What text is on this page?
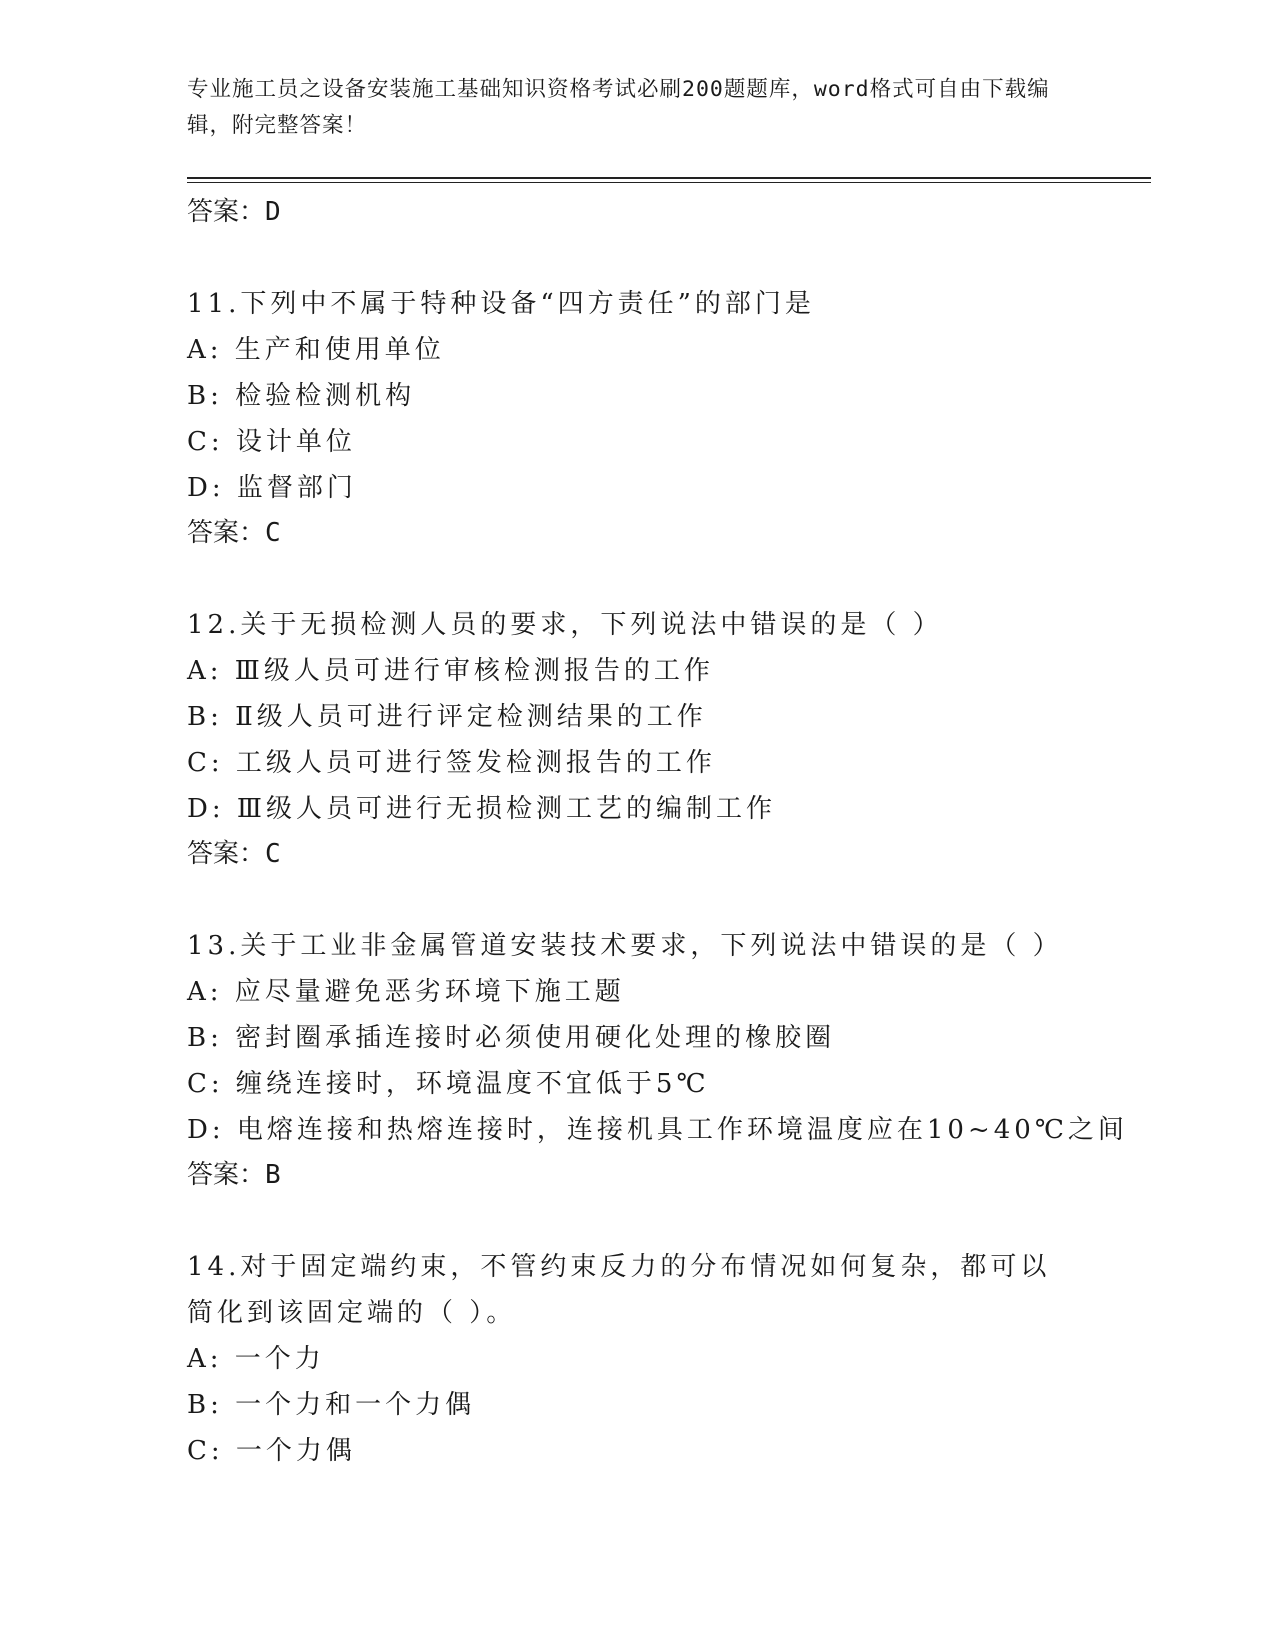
专业施工员之设备安装施工基础知识资格考试必刷200题题库，word格式可自由下载编辑，附完整答案！
答案：D
11.下列中不属于特种设备“四方责任”的部门是
A: 生产和使用单位
B: 检验检测机构
C: 设计单位
D: 监督部门
答案：C
12.关于无损检测人员的要求，下列说法中错误的是（ ）
A: Ⅲ级人员可进行审核检测报告的工作
B: Ⅱ级人员可进行评定检测结果的工作
C: 工级人员可进行签发检测报告的工作
D: Ⅲ级人员可进行无损检测工艺的编制工作
答案：C
13.关于工业非金属管道安装技术要求，下列说法中错误的是（ ）
A: 应尽量避免恶劣环境下施工题
B: 密封圈承插连接时必须使用硬化处理的橡胶圈
C: 缠绕连接时，环境温度不宜低于5℃
D: 电熔连接和热熔连接时，连接机具工作环境温度应在10~40℃之间
答案：B
14.对于固定端约束，不管约束反力的分布情况如何复杂，都可以简化到该固定端的（ ）。
A: 一个力
B: 一个力和一个力偶
C: 一个力偶
